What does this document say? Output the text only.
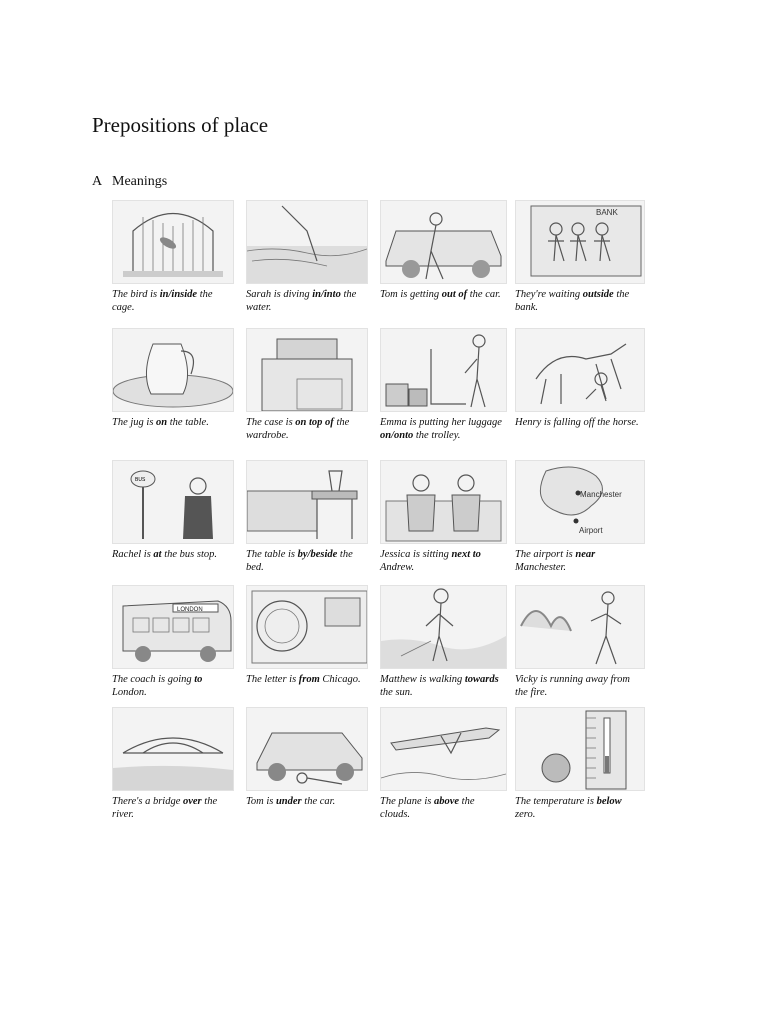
Prepositions of place
A Meanings
The bird is in/inside the cage.
Sarah is diving in/into the water.
Tom is getting out of the car.
BANK
They're waiting outside the bank.
The jug is on the table.	The case is on top of the wardrobe.
Emma is putting her luggage on/onto the trolley.
Henry is falling off the horse.
BUS
Rachel is at the bus stop.	The table is by/beside the bed.
Jessica is sitting next to Andrew.
Manchester
Airport
The airport is near Manchester.
LONDON
The coach is going to London.
The letter is from Chicago.	Matthew is walking towards the sun.
Vicky is running away from the fire.
There's a bridge over the river.
Tom is under the car.	The plane is above the clouds.
The temperature is below zero.
